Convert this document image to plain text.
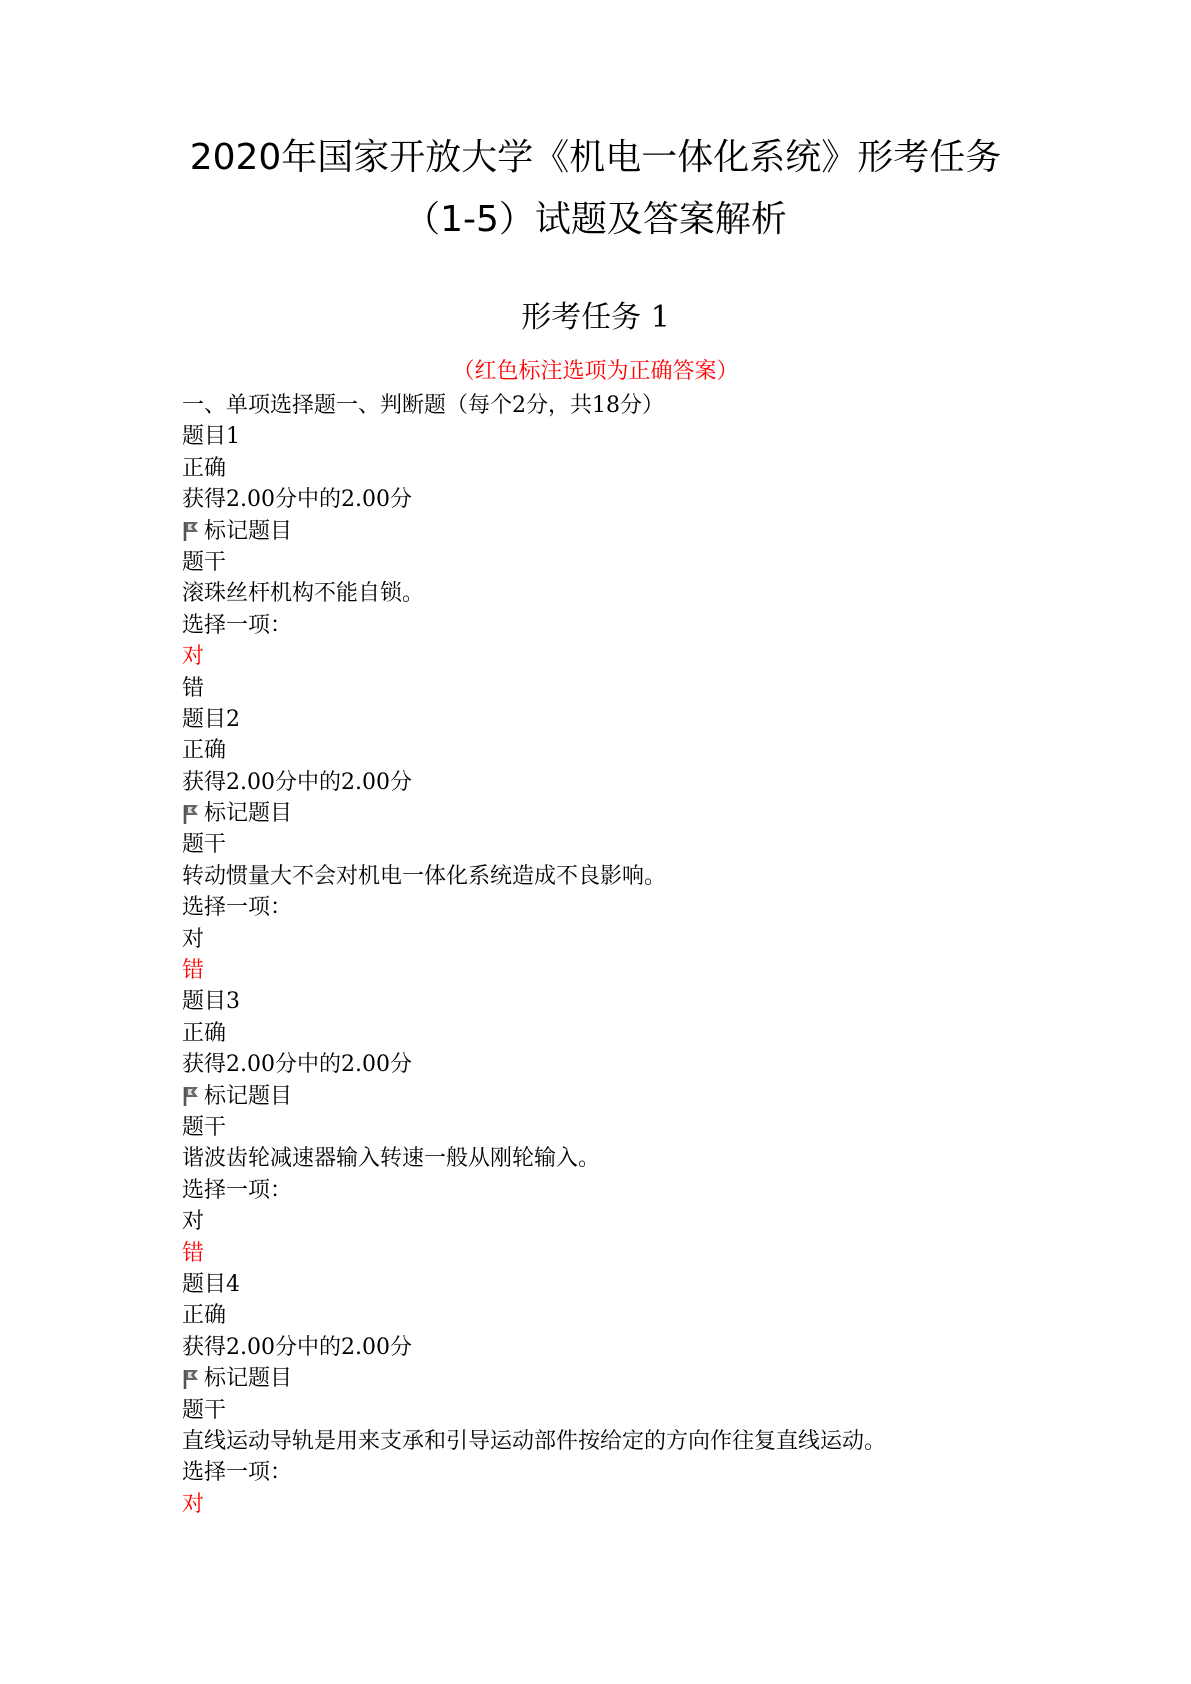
2020年国家开放大学《机电一体化系统》形考任务
（1-5）试题及答案解析
形考任务 1
（红色标注选项为正确答案）
一、单项选择题一、判断题（每个2分，共18分）
题目1
正确
获得2.00分中的2.00分
标记题目
题干
滚珠丝杆机构不能自锁。
选择一项：
对
错
题目2
正确
获得2.00分中的2.00分
标记题目
题干
转动惯量大不会对机电一体化系统造成不良影响。
选择一项：
对
错
题目3
正确
获得2.00分中的2.00分
标记题目
题干
谐波齿轮减速器输入转速一般从刚轮输入。
选择一项：
对
错
题目4
正确
获得2.00分中的2.00分
标记题目
题干
直线运动导轨是用来支承和引导运动部件按给定的方向作往复直线运动。
选择一项：
对
